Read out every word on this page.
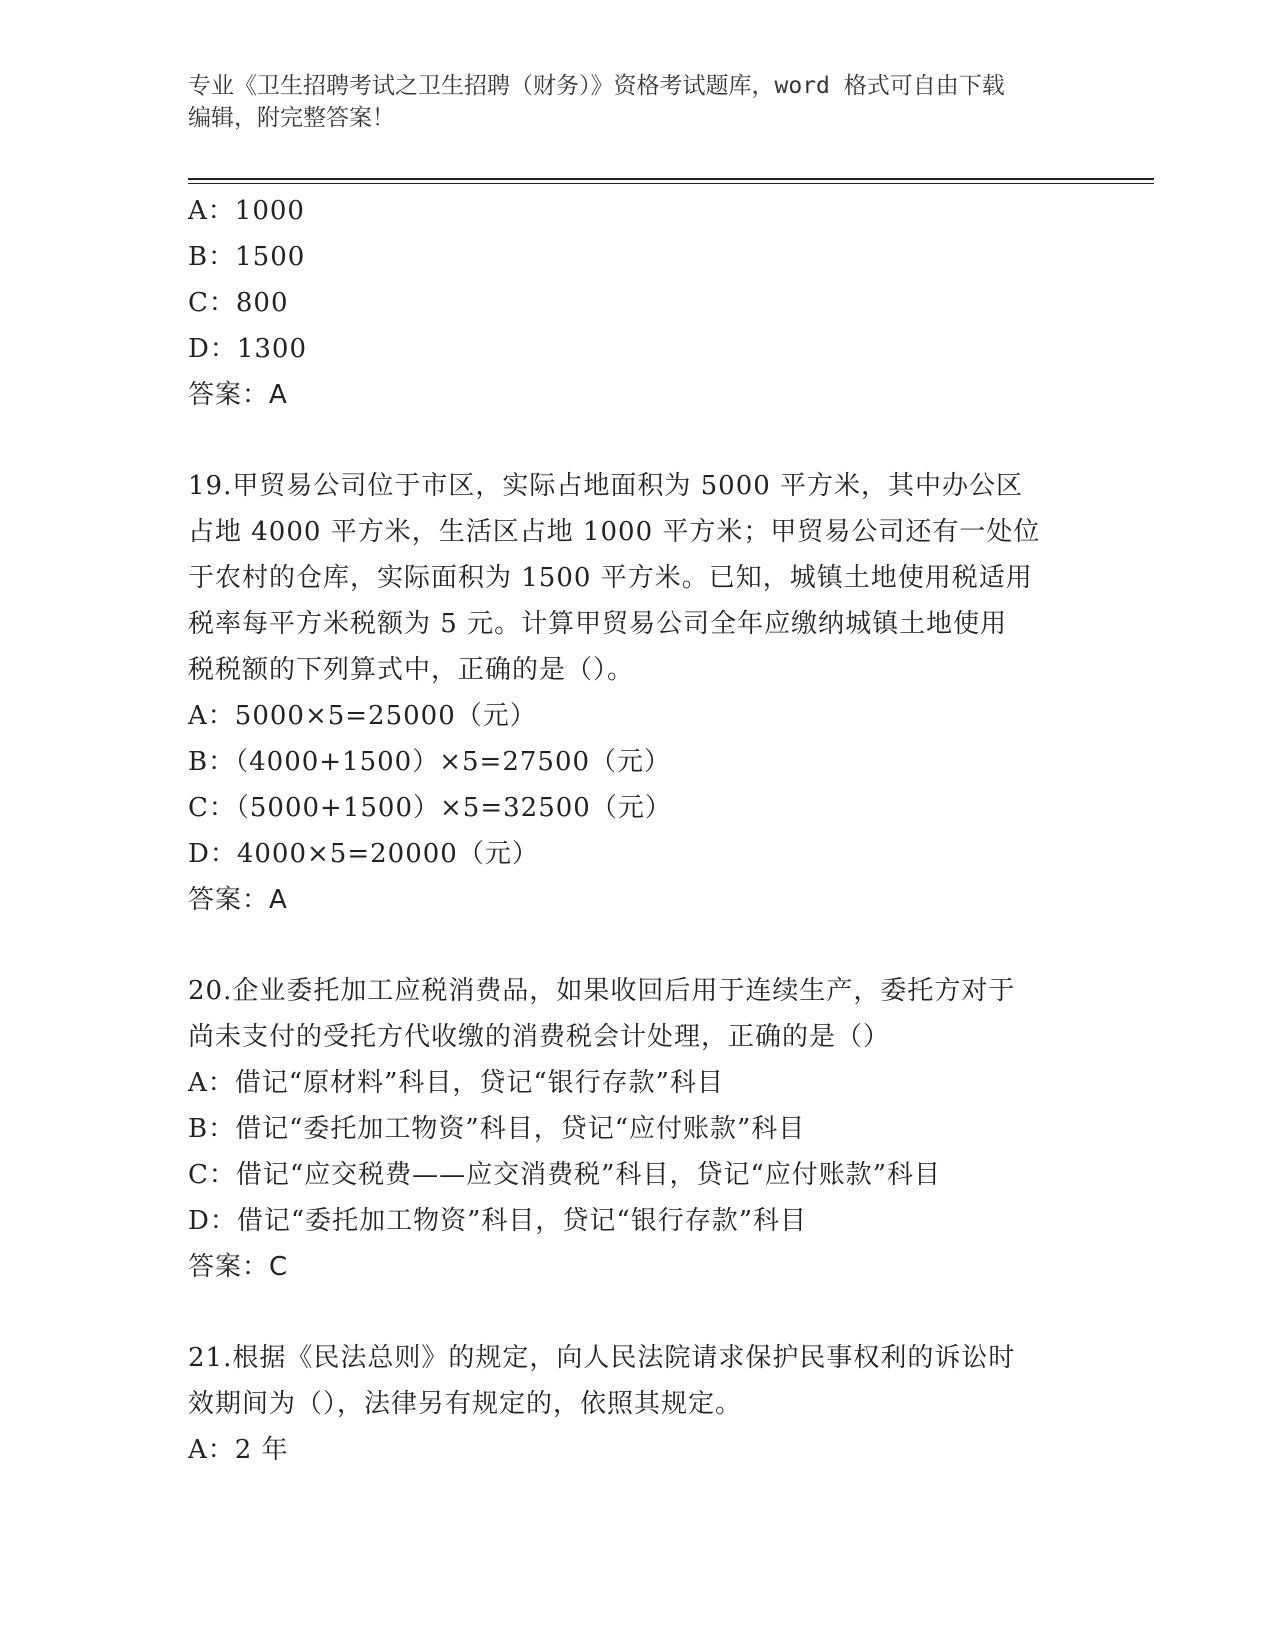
专业《卫生招聘考试之卫生招聘（财务）》资格考试题库，word 格式可自由下载
编辑，附完整答案！
A：1000
B：1500
C：800
D：1300
答案：A
19.甲贸易公司位于市区，实际占地面积为 5000 平方米，其中办公区
占地 4000 平方米，生活区占地 1000 平方米；甲贸易公司还有一处位
于农村的仓库，实际面积为 1500 平方米。已知，城镇土地使用税适用
税率每平方米税额为 5 元。计算甲贸易公司全年应缴纳城镇土地使用
税税额的下列算式中，正确的是（）。
A：5000×5=25000（元）
B：（4000+1500）×5=27500（元）
C：（5000+1500）×5=32500（元）
D：4000×5=20000（元）
答案：A
20.企业委托加工应税消费品，如果收回后用于连续生产，委托方对于
尚未支付的受托方代收缴的消费税会计处理，正确的是（）
A：借记“原材料”科目，贷记“银行存款”科目
B：借记“委托加工物资”科目，贷记“应付账款”科目
C：借记“应交税费——应交消费税”科目，贷记“应付账款”科目
D：借记“委托加工物资”科目，贷记“银行存款”科目
答案：C
21.根据《民法总则》的规定，向人民法院请求保护民事权利的诉讼时
效期间为（），法律另有规定的，依照其规定。
A：2 年
